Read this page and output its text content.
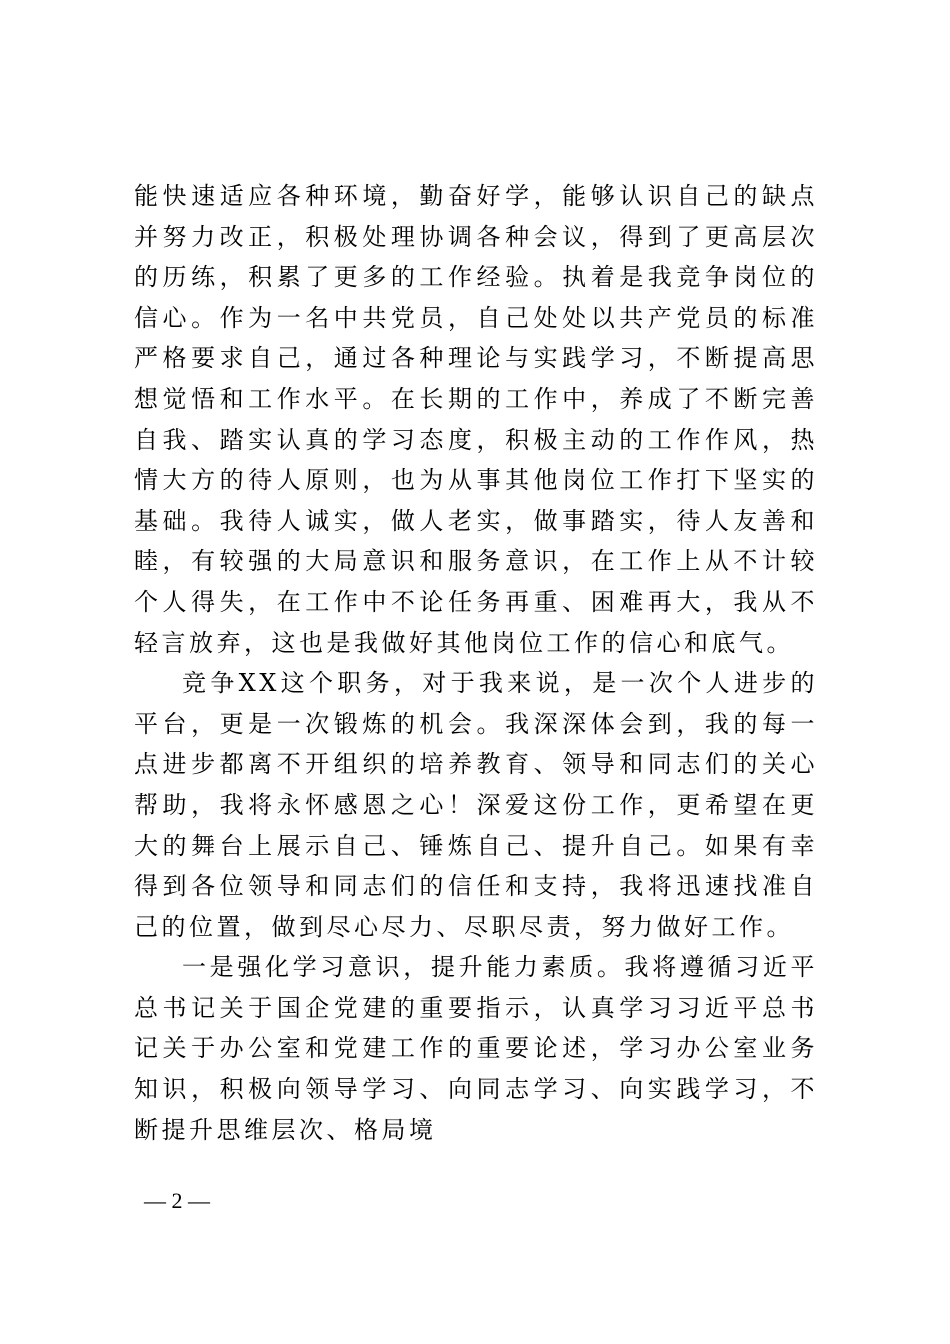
能快速适应各种环境，勤奋好学，能够认识自己的缺点并努力改正，积极处理协调各种会议，得到了更高层次的历练，积累了更多的工作经验。执着是我竞争岗位的信心。作为一名中共党员，自己处处以共产党员的标准严格要求自己，通过各种理论与实践学习，不断提高思想觉悟和工作水平。在长期的工作中，养成了不断完善自我、踏实认真的学习态度，积极主动的工作作风，热情大方的待人原则，也为从事其他岗位工作打下坚实的基础。我待人诚实，做人老实，做事踏实，待人友善和睦，有较强的大局意识和服务意识，在工作上从不计较个人得失，在工作中不论任务再重、困难再大，我从不轻言放弃，这也是我做好其他岗位工作的信心和底气。

竞争XX这个职务，对于我来说，是一次个人进步的平台，更是一次锻炼的机会。我深深体会到，我的每一点进步都离不开组织的培养教育、领导和同志们的关心帮助，我将永怀感恩之心！深爱这份工作，更希望在更大的舞台上展示自己、锤炼自己、提升自己。如果有幸得到各位领导和同志们的信任和支持，我将迅速找准自己的位置，做到尽心尽力、尽职尽责，努力做好工作。

一是强化学习意识，提升能力素质。我将遵循习近平总书记关于国企党建的重要指示，认真学习习近平总书记关于办公室和党建工作的重要论述，学习办公室业务知识，积极向领导学习、向同志学习、向实践学习，不断提升思维层次、格局境

— 2 —
